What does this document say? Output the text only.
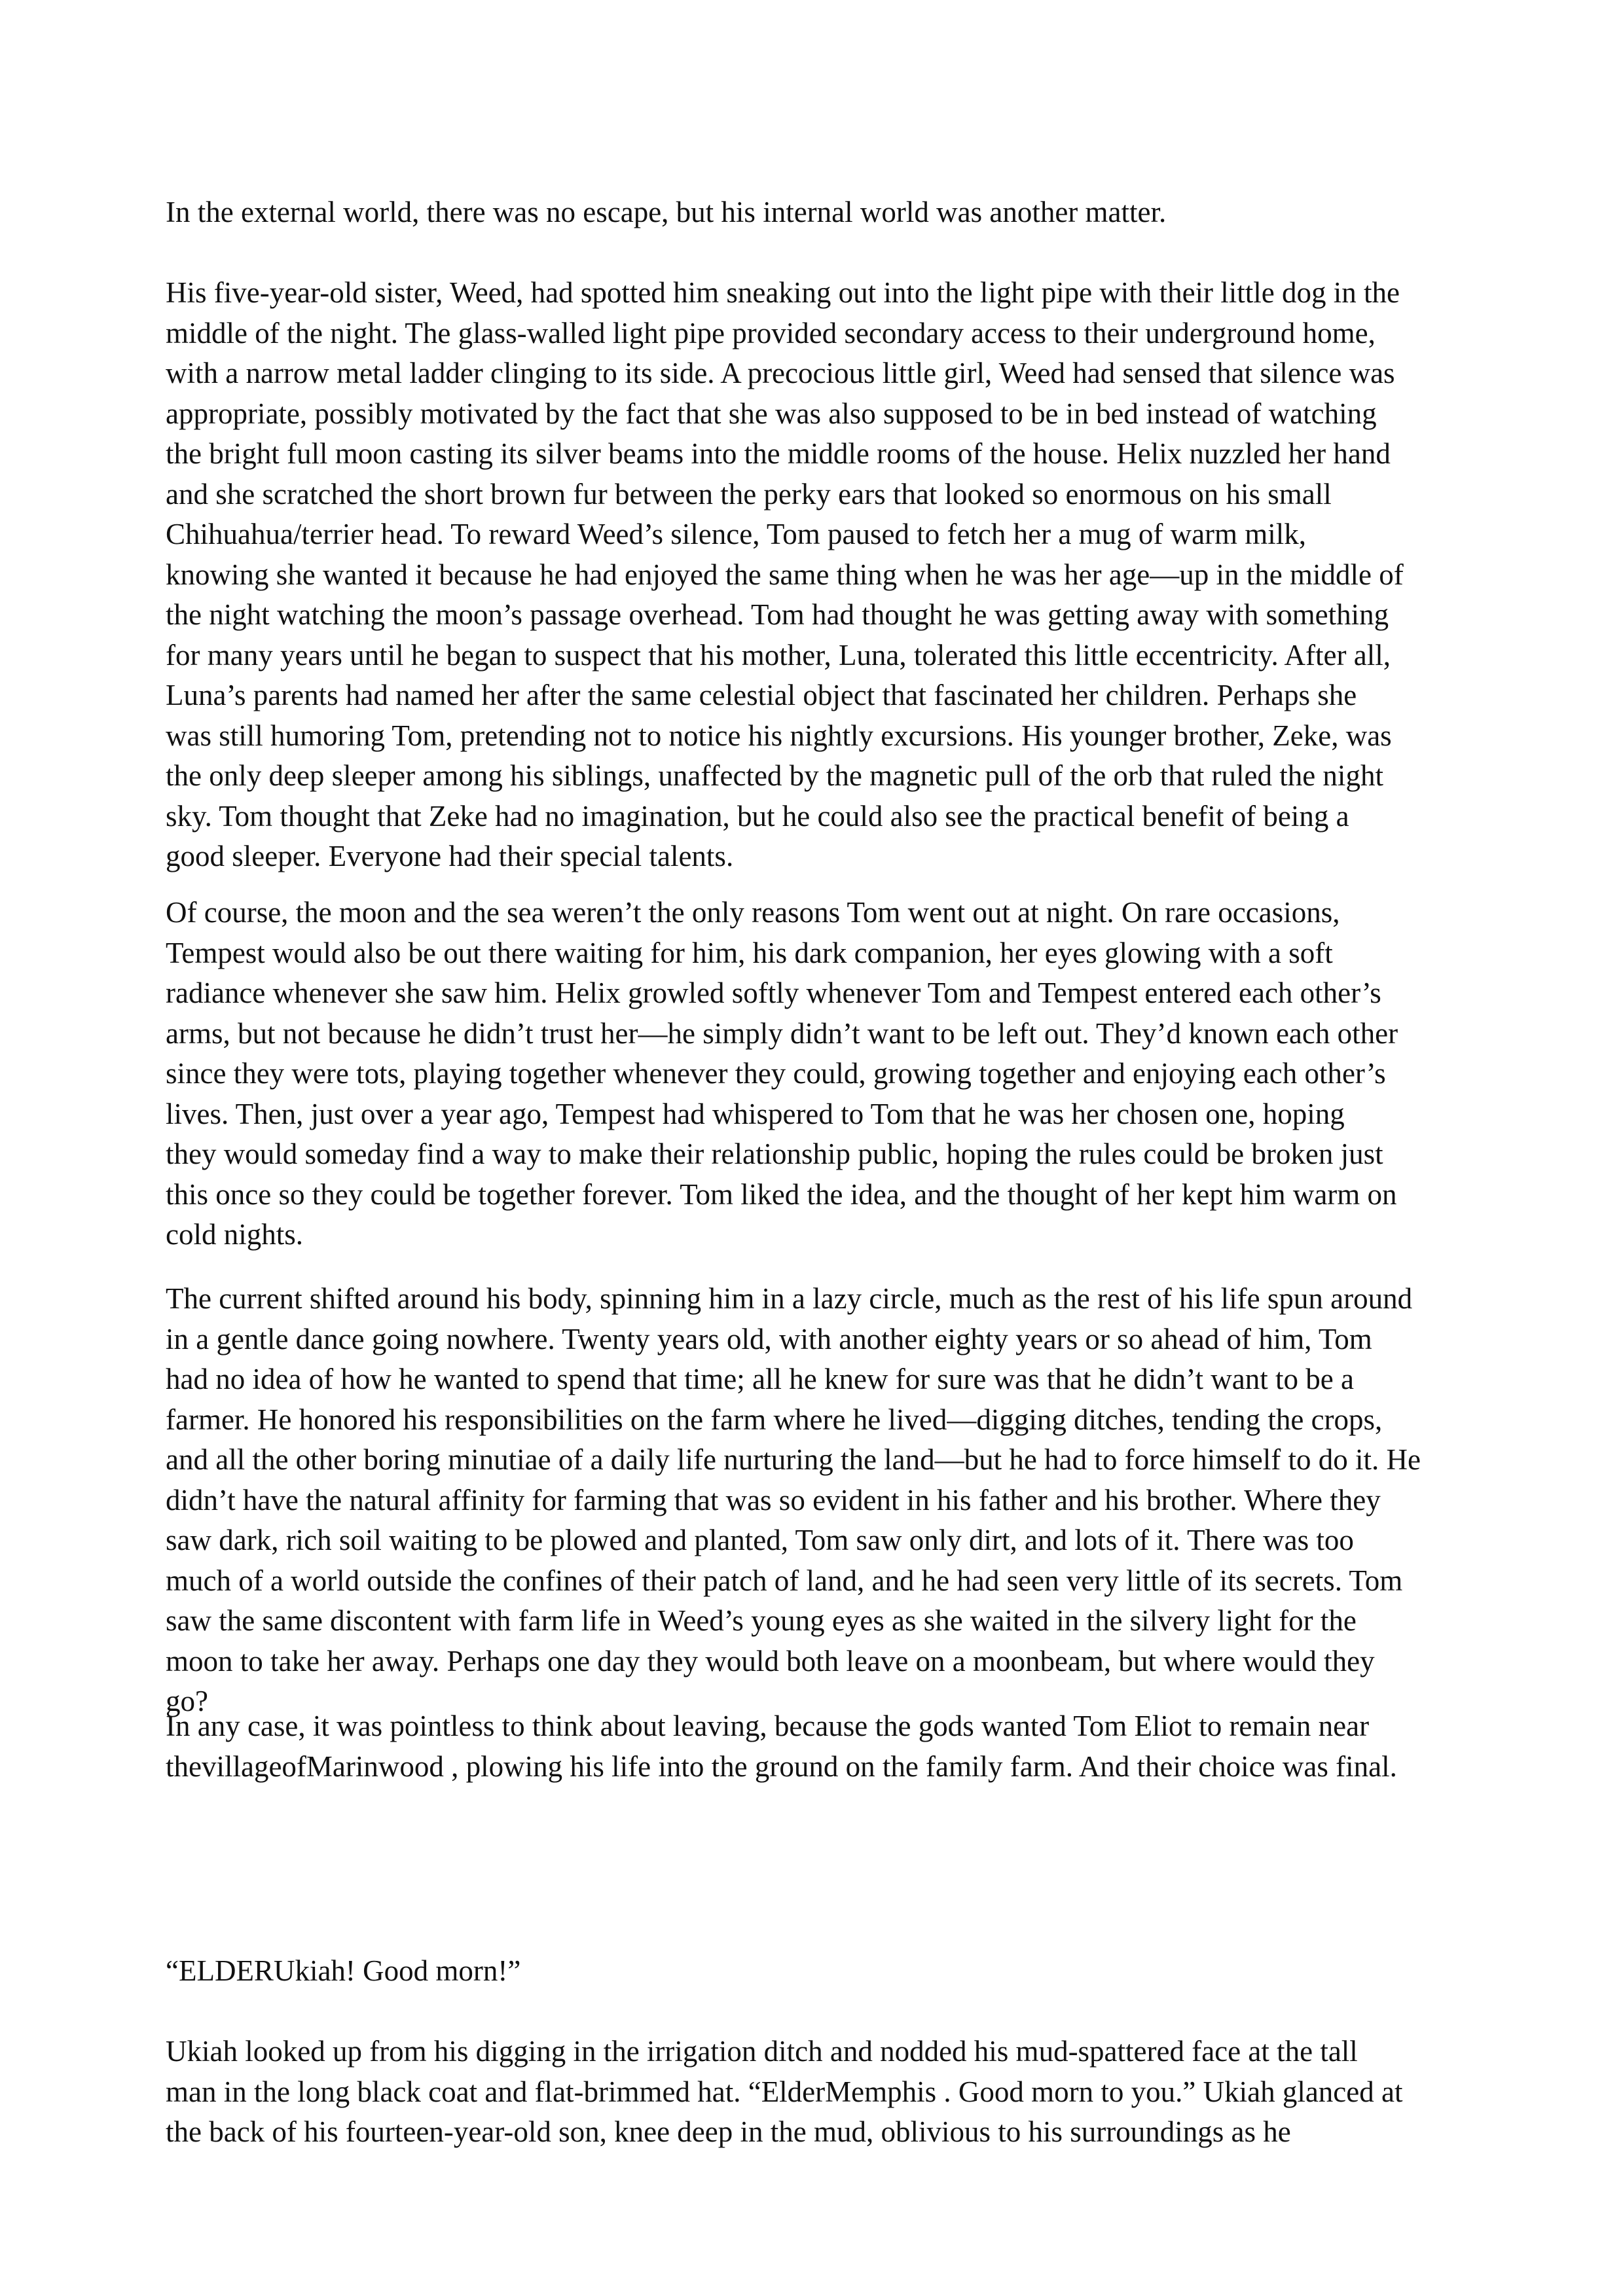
In the external world, there was no escape, but his internal world was another matter.

His five-year-old sister, Weed, had spotted him sneaking out into the light pipe with their little dog in the
middle of the night. The glass-walled light pipe provided secondary access to their underground home,
with a narrow metal ladder clinging to its side. A precocious little girl, Weed had sensed that silence was
appropriate, possibly motivated by the fact that she was also supposed to be in bed instead of watching
the bright full moon casting its silver beams into the middle rooms of the house. Helix nuzzled her hand
and she scratched the short brown fur between the perky ears that looked so enormous on his small
Chihuahua/terrier head. To reward Weed’s silence, Tom paused to fetch her a mug of warm milk,
knowing she wanted it because he had enjoyed the same thing when he was her age—up in the middle of
the night watching the moon’s passage overhead. Tom had thought he was getting away with something
for many years until he began to suspect that his mother, Luna, tolerated this little eccentricity. After all,
Luna’s parents had named her after the same celestial object that fascinated her children. Perhaps she
was still humoring Tom, pretending not to notice his nightly excursions. His younger brother, Zeke, was
the only deep sleeper among his siblings, unaffected by the magnetic pull of the orb that ruled the night
sky. Tom thought that Zeke had no imagination, but he could also see the practical benefit of being a
good sleeper. Everyone had their special talents.

Of course, the moon and the sea weren’t the only reasons Tom went out at night. On rare occasions,
Tempest would also be out there waiting for him, his dark companion, her eyes glowing with a soft
radiance whenever she saw him. Helix growled softly whenever Tom and Tempest entered each other’s
arms, but not because he didn’t trust her—he simply didn’t want to be left out. They’d known each other
since they were tots, playing together whenever they could, growing together and enjoying each other’s
lives. Then, just over a year ago, Tempest had whispered to Tom that he was her chosen one, hoping
they would someday find a way to make their relationship public, hoping the rules could be broken just
this once so they could be together forever. Tom liked the idea, and the thought of her kept him warm on
cold nights.

The current shifted around his body, spinning him in a lazy circle, much as the rest of his life spun around
in a gentle dance going nowhere. Twenty years old, with another eighty years or so ahead of him, Tom
had no idea of how he wanted to spend that time; all he knew for sure was that he didn’t want to be a
farmer. He honored his responsibilities on the farm where he lived—digging ditches, tending the crops,
and all the other boring minutiae of a daily life nurturing the land—but he had to force himself to do it. He
didn’t have the natural affinity for farming that was so evident in his father and his brother. Where they
saw dark, rich soil waiting to be plowed and planted, Tom saw only dirt, and lots of it. There was too
much of a world outside the confines of their patch of land, and he had seen very little of its secrets. Tom
saw the same discontent with farm life in Weed’s young eyes as she waited in the silvery light for the
moon to take her away. Perhaps one day they would both leave on a moonbeam, but where would they
go?

In any case, it was pointless to think about leaving, because the gods wanted Tom Eliot to remain near
thevillageofMarinwood , plowing his life into the ground on the family farm. And their choice was final.

“ELDERUkiah! Good morn!”

Ukiah looked up from his digging in the irrigation ditch and nodded his mud-spattered face at the tall
man in the long black coat and flat-brimmed hat. “ElderMemphis . Good morn to you.” Ukiah glanced at
the back of his fourteen-year-old son, knee deep in the mud, oblivious to his surroundings as he
